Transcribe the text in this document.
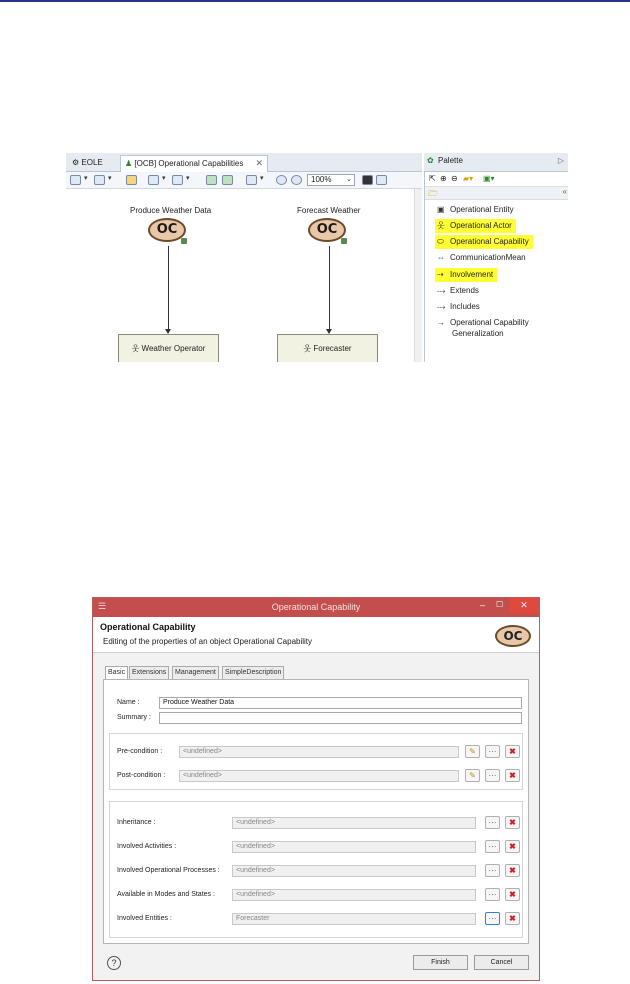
⚙ EOLE	♟ [OCB] Operational Capabilities ✕
▾	▾	▾	▾	▾	100% ⌄
Produce Weather Data
OC
웃 Weather Operator
Forecast Weather
OC
웃 Forecaster
✿ Palette	▷
⇱ ⊕ ⊖ ▰▾ ▣▾
🗁	«
▣ Operational Entity
웃 Operational Actor
⬭ Operational Capability
⇔ CommunicationMean
⇢ Involvement
⤏ Extends
⤏ Includes
→ Operational Capability
Generalization
☰	Operational Capability	– ☐	✕
Operational Capability
Editing of the properties of an object Operational Capability	OC
Basic Extensions	Management	SimpleDescription
Name :	Produce Weather Data
Summary :
Pre-condition :	<undefined>	✎	···	✖
Post-condition :	<undefined>	✎	···	✖
Inheritance :	<undefined>	···	✖
Involved Activities :	<undefined>	···	✖
Involved Operational Processes :	<undefined>	···	✖
Available in Modes and States :	<undefined>	···	✖
Involved Entities :	Forecaster	···	✖
?	Finish	Cancel
